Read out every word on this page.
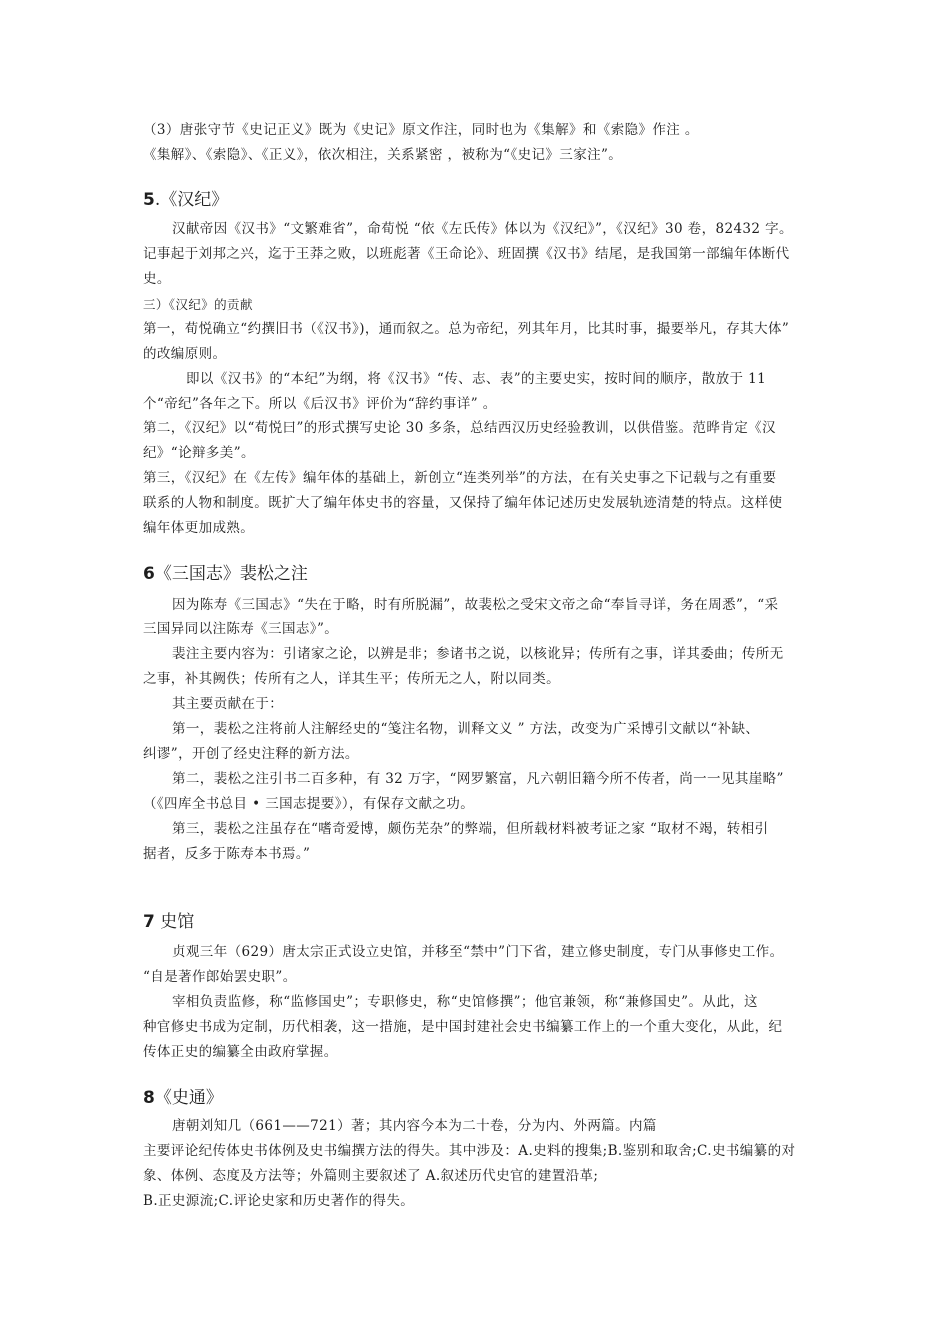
（3）唐张守节《史记正义》既为《史记》原文作注，同时也为《集解》和《索隐》作注 。
《集解》、《索隐》、《正义》，依次相注，关系紧密 ，被称为“《史记》三家注”。
5.《汉纪》
汉献帝因《汉书》“文繁难省”，命荀悦 “依《左氏传》体以为《汉纪》”，《汉纪》30 卷，82432 字。
记事起于刘邦之兴，迄于王莽之败，以班彪著《王命论》、班固撰《汉书》结尾，是我国第一部编年体断代
史。
三）《汉纪》的贡献
第一，荀悦确立“约撰旧书（《汉书》)，通而叙之。总为帝纪，列其年月，比其时事，撮要举凡，存其大体”
的改编原则。
即以《汉书》的“本纪”为纲，将《汉书》“传、志、表”的主要史实，按时间的顺序，散放于 11
个“帝纪”各年之下。所以《后汉书》评价为“辞约事详” 。
第二，《汉纪》以“荀悦曰”的形式撰写史论 30 多条，总结西汉历史经验教训，以供借鉴。范晔肯定《汉
纪》“论辩多美”。
第三，《汉纪》在《左传》编年体的基础上，新创立“连类列举”的方法，在有关史事之下记载与之有重要
联系的人物和制度。既扩大了编年体史书的容量，又保持了编年体记述历史发展轨迹清楚的特点。这样使
编年体更加成熟。
6《三国志》裴松之注
因为陈寿《三国志》“失在于略，时有所脱漏”，故裴松之受宋文帝之命“奉旨寻详，务在周悉”，“采
三国异同以注陈寿《三国志》”。
裴注主要内容为：引诸家之论，以辨是非；参诸书之说，以核讹异；传所有之事，详其委曲；传所无
之事，补其阙佚；传所有之人，详其生平；传所无之人，附以同类。
其主要贡献在于：
第一，裴松之注将前人注解经史的“笺注名物，训释文义 ” 方法，改变为广采博引文献以“补缺、
纠谬”，开创了经史注释的新方法。
第二，裴松之注引书二百多种，有 32 万字，“网罗繁富，凡六朝旧籍今所不传者，尚一一见其崖略”
（《四库全书总目 • 三国志提要》），有保存文献之功。
第三，裴松之注虽存在“嗜奇爱博，颇伤芜杂”的弊端，但所载材料被考证之家 “取材不竭，转相引
据者，反多于陈寿本书焉。”
7 史馆
贞观三年（629）唐太宗正式设立史馆，并移至“禁中”门下省，建立修史制度，专门从事修史工作。
“自是著作郎始罢史职”。
宰相负责监修，称“监修国史”；专职修史，称“史馆修撰”；他官兼领，称“兼修国史”。从此，这
种官修史书成为定制，历代相袭，这一措施，是中国封建社会史书编纂工作上的一个重大变化，从此，纪
传体正史的编纂全由政府掌握。
8《史通》
唐朝刘知几（661——721）著；其内容今本为二十卷，分为内、外两篇。内篇
主要评论纪传体史书体例及史书编撰方法的得失。其中涉及：A.史料的搜集;B.鉴别和取舍;C.史书编纂的对
象、体例、态度及方法等；外篇则主要叙述了 A.叙述历代史官的建置沿革;
B.正史源流;C.评论史家和历史著作的得失。
